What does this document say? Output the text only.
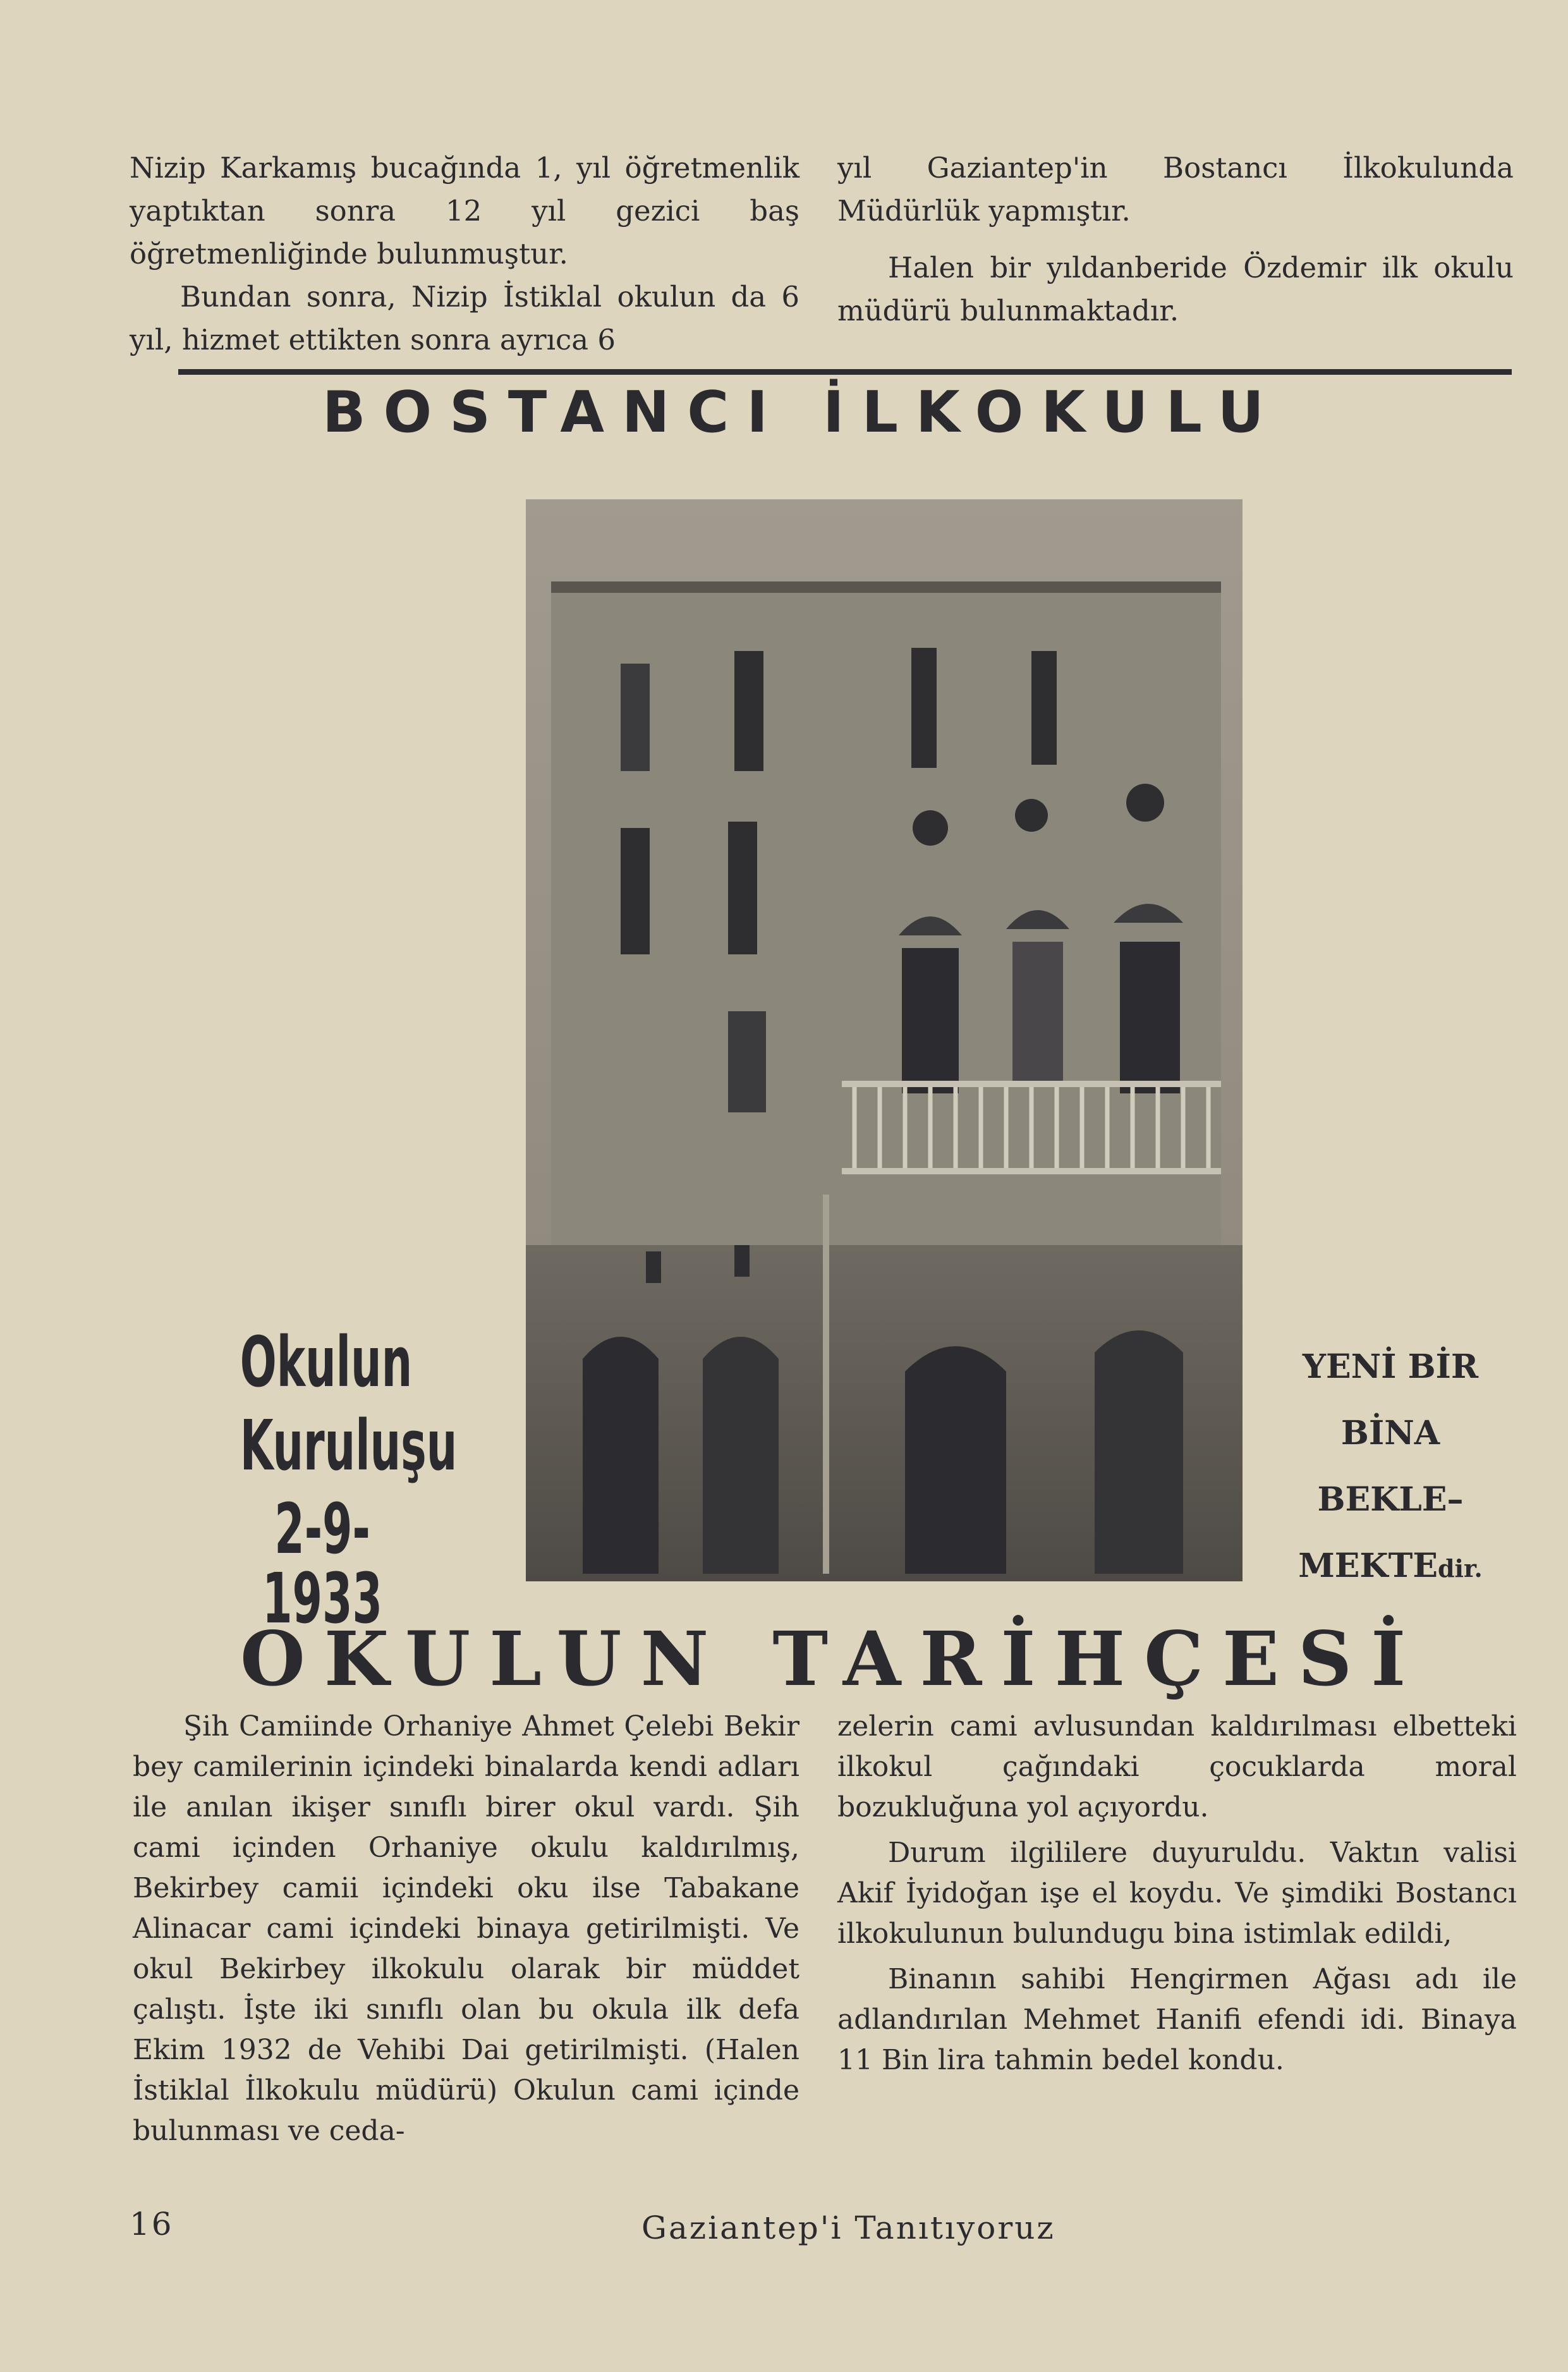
Nizip Karkamış bucağında 1, yıl öğretmenlik yaptıktan sonra 12 yıl gezici baş öğretmenliğinde bulunmuştur.

Bundan sonra, Nizip İstiklal okulun da 6 yıl, hizmet ettikten sonra ayrıca 6

yıl Gaziantep'in Bostancı İlkokulunda Müdürlük yapmıştır.

Halen bir yıldanberide Özdemir ilk okulu müdürü bulunmaktadır.

BOSTANCI İLKOKULU
Okulun
Kuruluşu
2-9-1933
YENİ BİR
BİNA
BEKLE–
MEKTEdir.
OKULUN TARİHÇESİ

Şih Camiinde Orhaniye Ahmet Çelebi Bekir bey camilerinin içindeki binalarda kendi adları ile anılan ikişer sınıflı birer okul vardı. Şih cami içinden Orhaniye okulu kaldırılmış, Bekirbey camii içindeki oku ilse Tabakane Alinacar cami içindeki binaya getirilmişti. Ve okul Bekirbey ilkokulu olarak bir müddet çalıştı. İşte iki sınıflı olan bu okula ilk defa Ekim 1932 de Vehibi Dai getirilmişti. (Halen İstiklal İlkokulu müdürü) Okulun cami içinde bulunması ve ceda-

zelerin cami avlusundan kaldırılması elbetteki ilkokul çağındaki çocuklarda moral bozukluğuna yol açıyordu.

Durum ilgililere duyuruldu. Vaktın valisi Akif İyidoğan işe el koydu. Ve şimdiki Bostancı ilkokulunun bulundugu bina istimlak edildi,

Binanın sahibi Hengirmen Ağası adı ile adlandırılan Mehmet Hanifi efendi idi. Binaya 11 Bin lira tahmin bedel kondu.

16	Gaziantep'i Tanıtıyoruz
